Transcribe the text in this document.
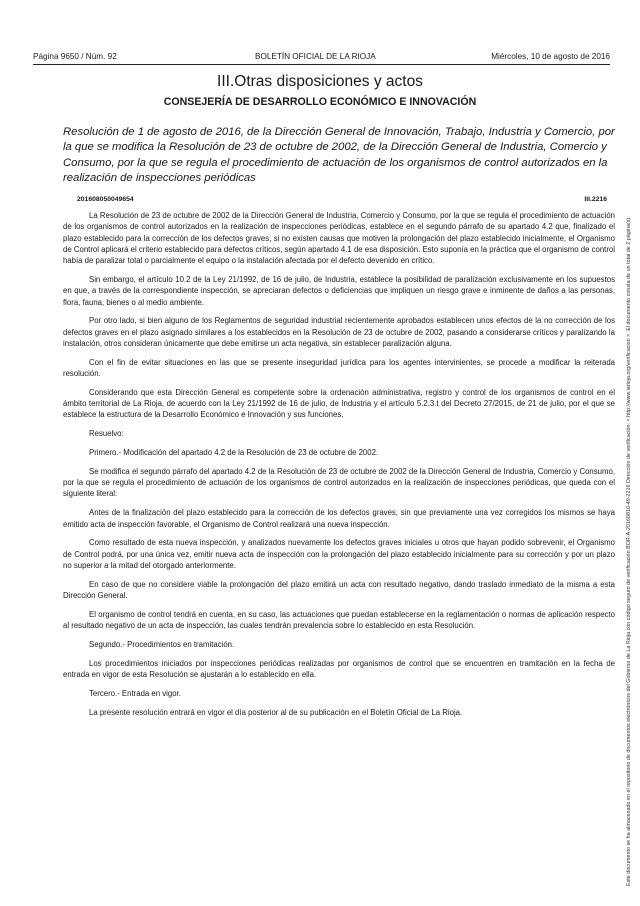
Página 9650 / Núm. 92	BOLETÍN OFICIAL DE LA RIOJA	Miércoles, 10 de agosto de 2016
III.Otras disposiciones y actos
CONSEJERÍA DE DESARROLLO ECONÓMICO E INNOVACIÓN
Resolución de 1 de agosto de 2016, de la Dirección General de Innovación, Trabajo, Industria y Comercio, por la que se modifica la Resolución de 23 de octubre de 2002, de la Dirección General de Industria, Comercio y Consumo, por la que se regula el procedimiento de actuación de los organismos de control autorizados en la realización de inspecciones periódicas
201608050049654	III.2216

La Resolución de 23 de octubre de 2002 de la Dirección General de Industria, Comercio y Consumo, por la que se regula el procedimiento de actuación de los organismos de control autorizados en la realización de inspecciones periódicas, establece en el segundo párrafo de su apartado 4.2 que, finalizado el plazo establecido para la corrección de los defectos graves, si no existen causas que motiven la prolongación del plazo establecido inicialmente, el Organismo de Control aplicará el criterio establecido para defectos críticos, según apartado 4.1 de esa disposición. Esto suponía en la práctica que el organismo de control había de paralizar total o parcialmente el equipo o la instalación afectada por el defecto devenido en crítico.

Sin embargo, el artículo 10.2 de la Ley 21/1992, de 16 de julio, de Industria, establece la posibilidad de paralización exclusivamente en los supuestos en que, a través de la correspondiente inspección, se apreciaran defectos o deficiencias que impliquen un riesgo grave e inminente de daños a las personas, flora, fauna, bienes o al medio ambiente.

Por otro lado, si bien alguno de los Reglamentos de seguridad industrial recientemente aprobados establecen unos efectos de la no corrección de los defectos graves en el plazo asignado similares a los establecidos en la Resolución de 23 de octubre de 2002, pasando a considerarse críticos y paralizando la instalación, otros consideran únicamente que debe emitirse un acta negativa, sin establecer paralización alguna.

Con el fin de evitar situaciones en las que se presente inseguridad jurídica para los agentes intervinientes, se procede a modificar la reiterada resolución.

Considerando que esta Dirección General es competente sobre la ordenación administrativa, registro y control de los organismos de control en el ámbito territorial de La Rioja, de acuerdo con la Ley 21/1992 de 16 de julio, de Industria y el artículo 5.2.3.t del Decreto 27/2015, de 21 de julio, por el que se establece la estructura de la Desarrollo Económico e Innovación y sus funciones,

Resuelvo:

Primero.- Modificación del apartado 4.2 de la Resolución de 23 de octubre de 2002.

Se modifica el segundo párrafo del apartado 4.2 de la Resolución de 23 de octubre de 2002 de la Dirección General de Industria, Comercio y Consumo, por la que se regula el procedimiento de actuación de los organismos de control autorizados en la realización de inspecciones periódicas, que queda con el siguiente literal:

Antes de la finalización del plazo establecido para la corrección de los defectos graves, sin que previamente una vez corregidos los mismos se haya emitido acta de inspección favorable, el Organismo de Control realizará una nueva inspección.

Como resultado de esta nueva inspección, y analizados nuevamente los defectos graves iniciales u otros que hayan podido sobrevenir, el Organismo de Control podrá, por una única vez, emitir nueva acta de inspección con la prolongación del plazo establecido inicialmente para su corrección y por un plazo no superior a la mitad del otorgado anteriormente.

En caso de que no considere viable la prolongación del plazo emitirá un acta con resultado negativo, dando traslado inmediato de la misma a esta Dirección General.

El organismo de control tendrá en cuenta, en su caso, las actuaciones que puedan establecerse en la reglamentación o normas de aplicación respecto al resultado negativo de un acta de inspección, las cuales tendrán prevalencia sobre lo establecido en esta Resolución.

Segundo.- Procedimientos en tramitación.

Los procedimientos iniciados por inspecciones periódicas realizadas por organismos de control que se encuentren en tramitación en la fecha de entrada en vigor de esta Resolución se ajustarán a lo establecido en ella.

Tercero.- Entrada en vigor.

La presente resolución entrará en vigor el día posterior al de su publicación en el Boletín Oficial de La Rioja.	Este documento se ha almacenado en el repositorio de documentos electrónicos del Gobierno de La Rioja con código seguro de verificación BOR-A-20160810-49-2216 Dirección de verificación: < http://www.larioja.org/verificacion >. El documento consta de un total de 2 página(s).
